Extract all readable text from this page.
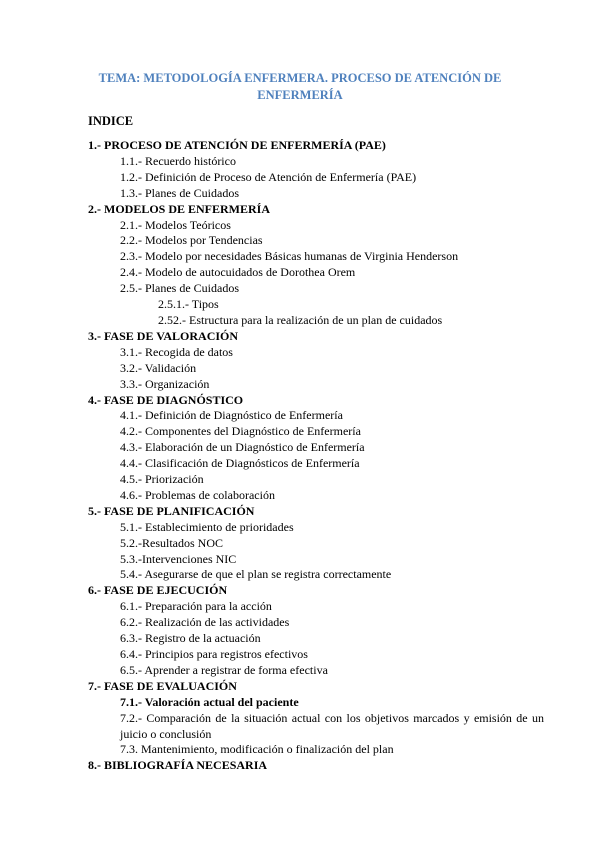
TEMA: METODOLOGÍA ENFERMERA. PROCESO DE ATENCIÓN DE ENFERMERÍA
INDICE
1.- PROCESO DE ATENCIÓN DE ENFERMERÍA (PAE)
1.1.- Recuerdo histórico
1.2.- Definición de Proceso de Atención de Enfermería (PAE)
1.3.- Planes de Cuidados
2.- MODELOS DE ENFERMERÍA
2.1.- Modelos Teóricos
2.2.- Modelos por Tendencias
2.3.- Modelo por necesidades Básicas humanas de Virginia Henderson
2.4.- Modelo de autocuidados de Dorothea Orem
2.5.- Planes de Cuidados
2.5.1.- Tipos
2.52.- Estructura para la realización de un plan de cuidados
3.- FASE DE VALORACIÓN
3.1.- Recogida de datos
3.2.- Validación
3.3.- Organización
4.- FASE DE DIAGNÓSTICO
4.1.- Definición de Diagnóstico de Enfermería
4.2.- Componentes del Diagnóstico de Enfermería
4.3.- Elaboración de un Diagnóstico de Enfermería
4.4.- Clasificación de Diagnósticos de Enfermería
4.5.- Priorización
4.6.- Problemas de colaboración
5.- FASE DE PLANIFICACIÓN
5.1.- Establecimiento de prioridades
5.2.-Resultados NOC
5.3.-Intervenciones NIC
5.4.- Asegurarse de que el plan se registra correctamente
6.- FASE DE EJECUCIÓN
6.1.- Preparación para la acción
6.2.- Realización de las actividades
6.3.- Registro de la actuación
6.4.- Principios para registros efectivos
6.5.- Aprender a registrar de forma efectiva
7.- FASE DE EVALUACIÓN
7.1.- Valoración actual del paciente
7.2.- Comparación de la situación actual con los objetivos marcados y emisión de un juicio o conclusión
7.3. Mantenimiento, modificación o finalización del plan
8.- BIBLIOGRAFÍA NECESARIA
